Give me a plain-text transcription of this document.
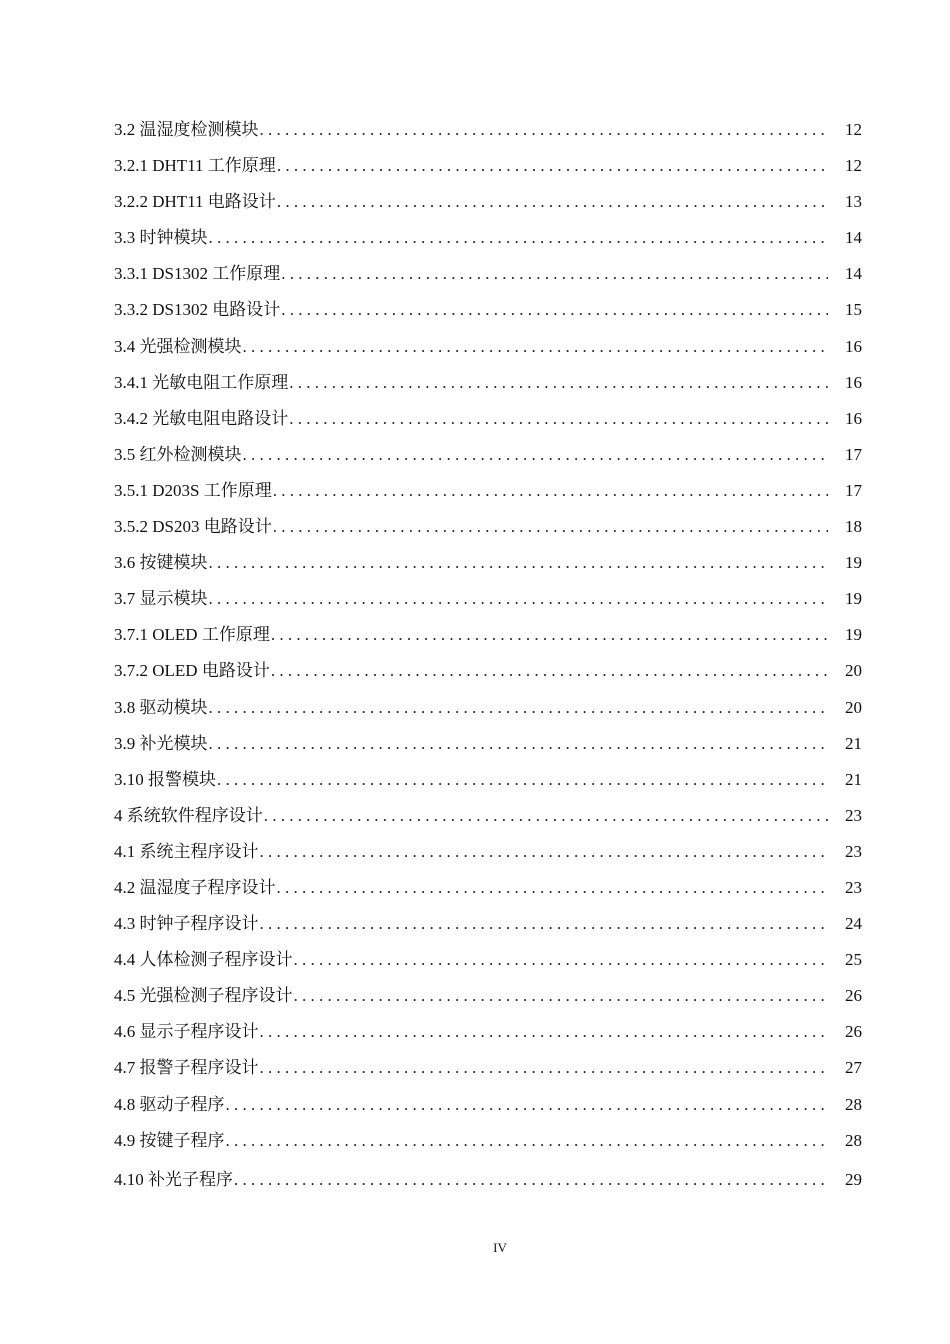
3.2 温湿度检测模块 . . .	12
3.2.1 DHT11 工作原理 . . .	12
3.2.2 DHT11 电路设计 . . .	13
3.3 时钟模块 . . .	14
3.3.1 DS1302 工作原理 . . .	14
3.3.2 DS1302 电路设计 . . .	15
3.4 光强检测模块 . . .	16
3.4.1 光敏电阻工作原理 . . .	16
3.4.2 光敏电阻电路设计 . . .	16
3.5 红外检测模块 . . .	17
3.5.1 D203S 工作原理 . . .	17
3.5.2 DS203 电路设计 . . .	18
3.6 按键模块 . . .	19
3.7 显示模块 . . .	19
3.7.1 OLED 工作原理 . . .	19
3.7.2 OLED 电路设计 . . .	20
3.8 驱动模块 . . .	20
3.9 补光模块 . . .	21
3.10 报警模块 . . .	21
4 系统软件程序设计 . . .	23
4.1 系统主程序设计 . . .	23
4.2 温湿度子程序设计 . . .	23
4.3 时钟子程序设计 . . .	24
4.4 人体检测子程序设计 . . .	25
4.5 光强检测子程序设计 . . .	26
4.6 显示子程序设计 . . .	26
4.7 报警子程序设计 . . .	27
4.8 驱动子程序 . . .	28
4.9 按键子程序 . . .	28
4.10 补光子程序 . . .	29
IV
